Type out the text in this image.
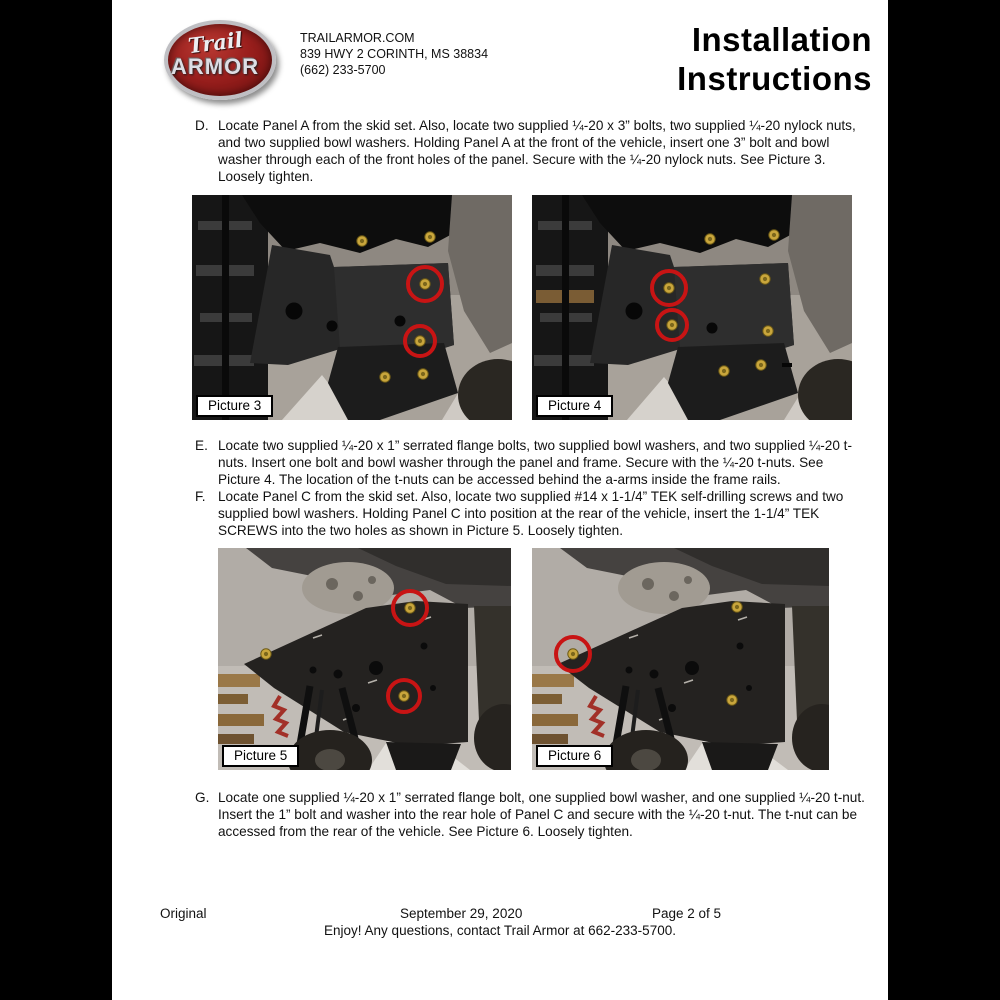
Trail
ARMOR
TRAILARMOR.COM
839 HWY 2 CORINTH, MS 38834
(662) 233-5700
Installation
Instructions
D. Locate Panel A from the skid set. Also, locate two supplied ¼-20 x 3” bolts, two supplied ¼-20 nylock nuts, and two supplied bowl washers. Holding Panel A at the front of the vehicle, insert one 3” bolt and bowl washer through each of the front holes of the panel. Secure with the ¼-20 nylock nuts. See Picture 3. Loosely tighten.
Picture 3	Picture 4
E. Locate two supplied ¼-20 x 1” serrated flange bolts, two supplied bowl washers, and two supplied ¼-20 t-nuts. Insert one bolt and bowl washer through the panel and frame. Secure with the ¼-20 t-nuts. See Picture 4. The location of the t-nuts can be accessed behind the a-arms inside the frame rails.
F. Locate Panel C from the skid set. Also, locate two supplied #14 x 1-1/4” TEK self-drilling screws and two supplied bowl washers. Holding Panel C into position at the rear of the vehicle, insert the 1-1/4” TEK SCREWS into the two holes as shown in Picture 5. Loosely tighten.
Picture 5	Picture 6
G. Locate one supplied ¼-20 x 1” serrated flange bolt, one supplied bowl washer, and one supplied ¼-20 t-nut. Insert the 1” bolt and washer into the rear hole of Panel C and secure with the ¼-20 t-nut. The t-nut can be accessed from the rear of the vehicle. See Picture 6. Loosely tighten.
Original	September 29, 2020	Page 2 of 5
Enjoy! Any questions, contact Trail Armor at 662-233-5700.
